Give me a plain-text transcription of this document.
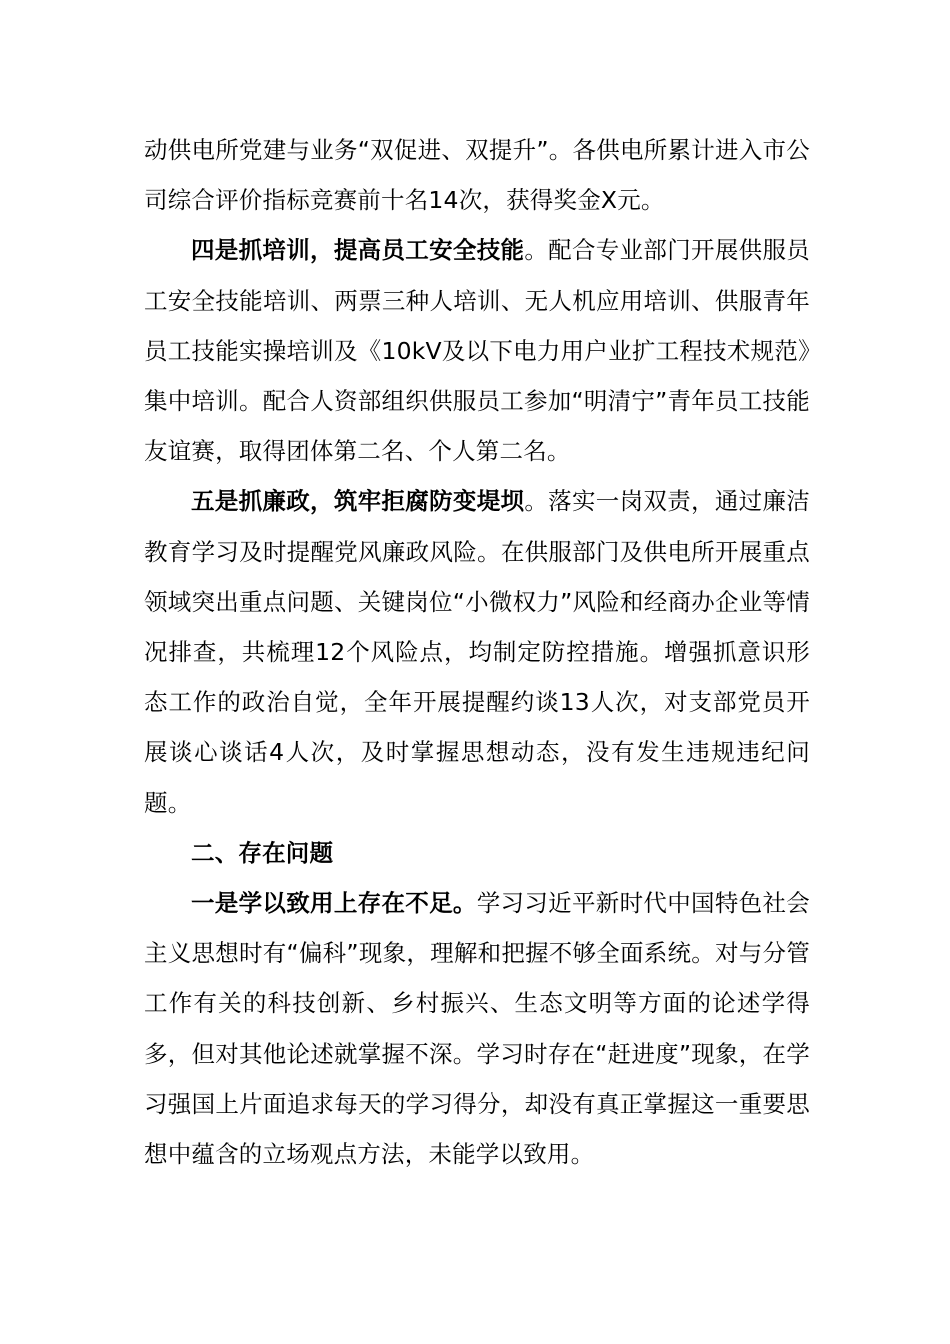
动供电所党建与业务“双促进、双提升”。各供电所累计进入市公司综合评价指标竞赛前十名14次，获得奖金X元。

四是抓培训，提高员工安全技能。配合专业部门开展供服员工安全技能培训、两票三种人培训、无人机应用培训、供服青年员工技能实操培训及《10kV及以下电力用户业扩工程技术规范》集中培训。配合人资部组织供服员工参加“明清宁”青年员工技能友谊赛，取得团体第二名、个人第二名。

五是抓廉政，筑牢拒腐防变堤坝。落实一岗双责，通过廉洁教育学习及时提醒党风廉政风险。在供服部门及供电所开展重点领域突出重点问题、关键岗位“小微权力”风险和经商办企业等情况排查，共梳理12个风险点，均制定防控措施。增强抓意识形态工作的政治自觉，全年开展提醒约谈13人次，对支部党员开展谈心谈话4人次，及时掌握思想动态，没有发生违规违纪问题。

二、存在问题

一是学以致用上存在不足。学习习近平新时代中国特色社会主义思想时有“偏科”现象，理解和把握不够全面系统。对与分管工作有关的科技创新、乡村振兴、生态文明等方面的论述学得多，但对其他论述就掌握不深。学习时存在“赶进度”现象，在学习强国上片面追求每天的学习得分，却没有真正掌握这一重要思想中蕴含的立场观点方法，未能学以致用。
